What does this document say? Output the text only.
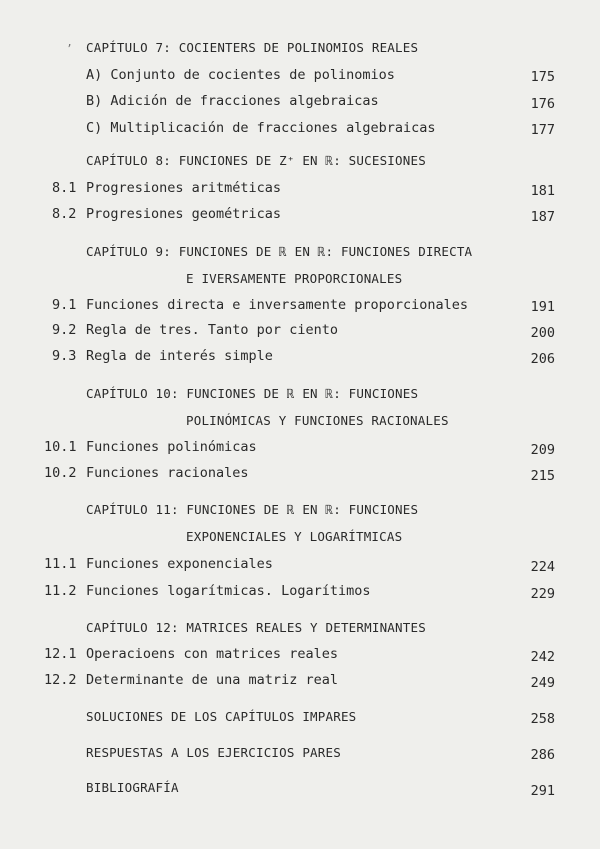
CAPÍTULO 7: COCIENTERS DE POLINOMIOS REALES
A) Conjunto de cocientes de polinomios
B) Adición de fracciones algebraicas
C) Multiplicación de fracciones algebraicas
CAPÍTULO 8: FUNCIONES DE Z⁺ EN ℝ: SUCESIONES
8.1 Progresiones aritméticas
8.2 Progresiones geométricas
CAPÍTULO 9: FUNCIONES DE ℝ EN ℝ: FUNCIONES DIRECTA
E IVERSAMENTE PROPORCIONALES
9.1 Funciones directa e inversamente proporcionales
9.2 Regla de tres. Tanto por ciento
9.3 Regla de interés simple
CAPÍTULO 10: FUNCIONES DE ℝ EN ℝ: FUNCIONES
POLINÓMICAS Y FUNCIONES RACIONALES
10.1 Funciones polinómicas
10.2 Funciones racionales
CAPÍTULO 11: FUNCIONES DE ℝ EN ℝ: FUNCIONES
EXPONENCIALES Y LOGARÍTMICAS
11.1 Funciones exponenciales
11.2 Funciones logarítmicas. Logarítimos
CAPÍTULO 12: MATRICES REALES Y DETERMINANTES
12.1 Operacioens con matrices reales
12.2 Determinante de una matriz real
SOLUCIONES DE LOS CAPÍTULOS IMPARES
RESPUESTAS A LOS EJERCICIOS PARES
BIBLIOGRAFÍA
175
176
177
181
187
191
200
206
209
215
224
229
242
249
258
286
291
’
